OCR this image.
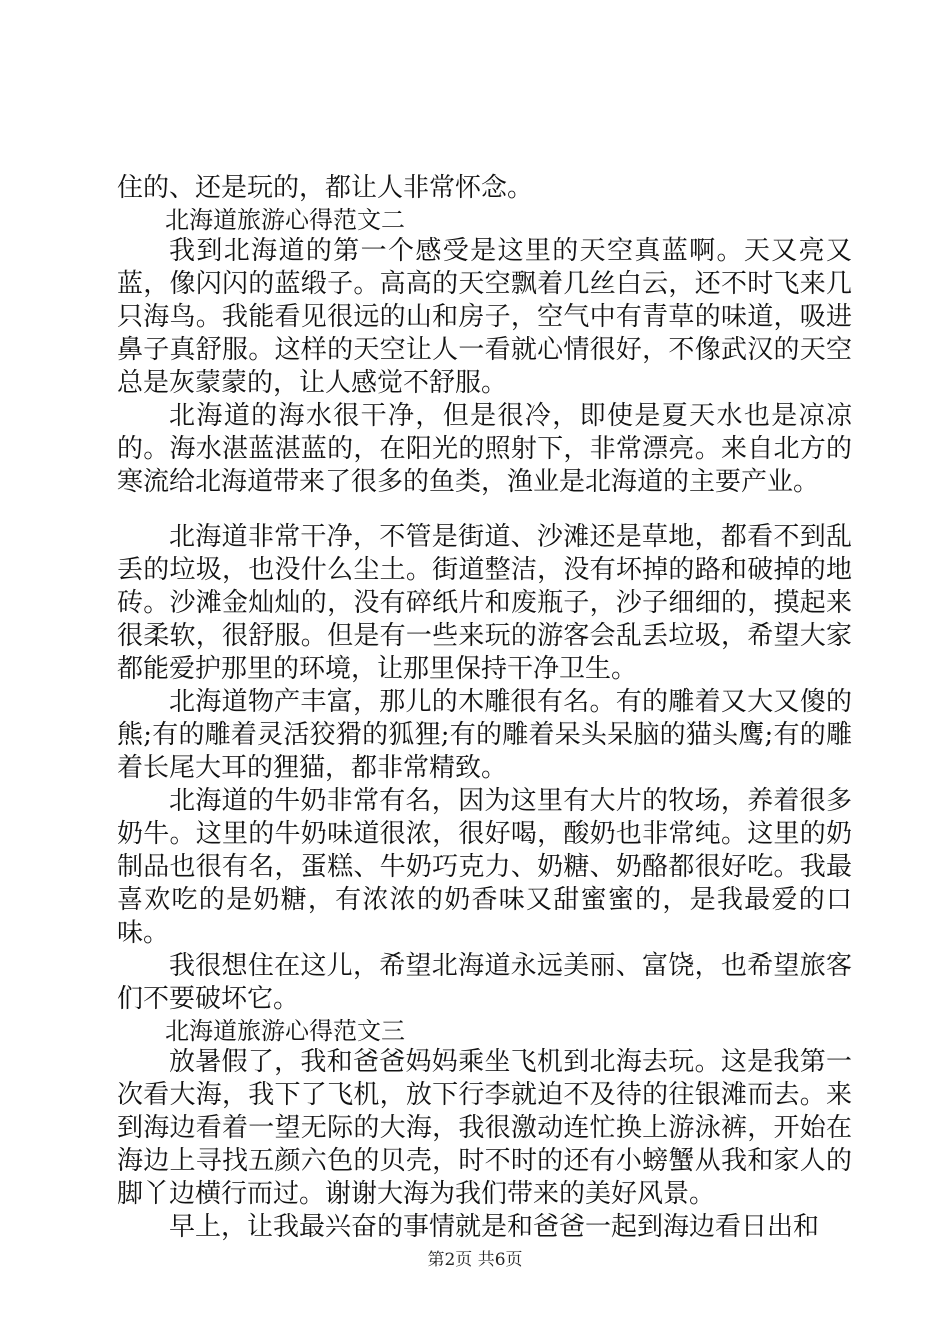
住的、还是玩的，都让人非常怀念。

北海道旅游心得范文二

我到北海道的第一个感受是这里的天空真蓝啊。天又亮又蓝，像闪闪的蓝缎子。高高的天空飘着几丝白云，还不时飞来几只海鸟。我能看见很远的山和房子，空气中有青草的味道，吸进鼻子真舒服。这样的天空让人一看就心情很好，不像武汉的天空总是灰蒙蒙的，让人感觉不舒服。

北海道的海水很干净，但是很冷，即使是夏天水也是凉凉的。海水湛蓝湛蓝的，在阳光的照射下，非常漂亮。来自北方的寒流给北海道带来了很多的鱼类，渔业是北海道的主要产业。

北海道非常干净，不管是街道、沙滩还是草地，都看不到乱丢的垃圾，也没什么尘土。街道整洁，没有坏掉的路和破掉的地砖。沙滩金灿灿的，没有碎纸片和废瓶子，沙子细细的，摸起来很柔软，很舒服。但是有一些来玩的游客会乱丢垃圾，希望大家都能爱护那里的环境，让那里保持干净卫生。

北海道物产丰富，那儿的木雕很有名。有的雕着又大又傻的熊;有的雕着灵活狡猾的狐狸;有的雕着呆头呆脑的猫头鹰;有的雕着长尾大耳的狸猫，都非常精致。

北海道的牛奶非常有名，因为这里有大片的牧场，养着很多奶牛。这里的牛奶味道很浓，很好喝，酸奶也非常纯。这里的奶制品也很有名，蛋糕、牛奶巧克力、奶糖、奶酪都很好吃。我最喜欢吃的是奶糖，有浓浓的奶香味又甜蜜蜜的，是我最爱的口味。

我很想住在这儿，希望北海道永远美丽、富饶，也希望旅客们不要破坏它。

北海道旅游心得范文三

放暑假了，我和爸爸妈妈乘坐飞机到北海去玩。这是我第一次看大海，我下了飞机，放下行李就迫不及待的往银滩而去。来到海边看着一望无际的大海，我很激动连忙换上游泳裤，开始在海边上寻找五颜六色的贝壳，时不时的还有小螃蟹从我和家人的脚丫边横行而过。谢谢大海为我们带来的美好风景。

早上，让我最兴奋的事情就是和爸爸一起到海边看日出和

第2页 共6页
